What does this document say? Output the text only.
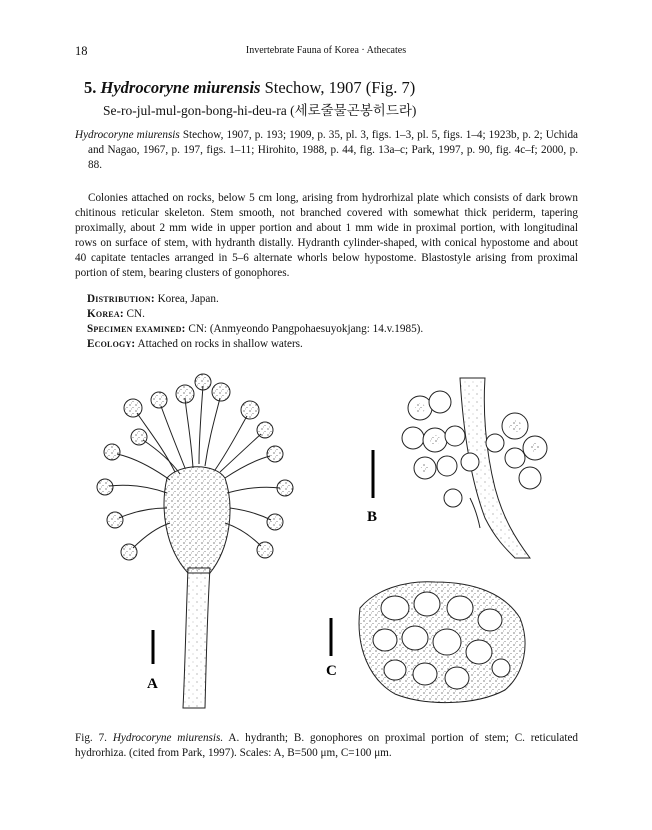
18	Invertebrate Fauna of Korea · Athecates
5. Hydrocoryne miurensis Stechow, 1907 (Fig. 7)
Se-ro-jul-mul-gon-bong-hi-deu-ra (세로줄물곤봉히드라)
Hydrocoryne miurensis Stechow, 1907, p. 193; 1909, p. 35, pl. 3, figs. 1–3, pl. 5, figs. 1–4; 1923b, p. 2; Uchida and Nagao, 1967, p. 197, figs. 1–11; Hirohito, 1988, p. 44, fig. 13a–c; Park, 1997, p. 90, fig. 4c–f; 2000, p. 88.

Colonies attached on rocks, below 5 cm long, arising from hydrorhizal plate which consists of dark brown chitinous reticular skeleton. Stem smooth, not branched covered with somewhat thick periderm, tapering proximally, about 2 mm wide in upper portion and about 1 mm wide in proximal portion, with longitudinal rows on surface of stem, with hydranth distally. Hydranth cylinder-shaped, with conical hypostome and about 40 capitate tentacles arranged in 5–6 alternate whorls below hypostome. Blastostyle arising from proximal portion of stem, bearing clusters of gonophores.

Distribution: Korea, Japan.
Korea: CN.
Specimen examined: CN: (Anmyeondo Pangpohaesuyokjang: 14.v.1985).
Ecology: Attached on rocks in shallow waters.
A
B
C
Fig. 7. Hydrocoryne miurensis. A. hydranth; B. gonophores on proximal portion of stem; C. reticulated hydrorhiza. (cited from Park, 1997). Scales: A, B=500 μm, C=100 μm.
